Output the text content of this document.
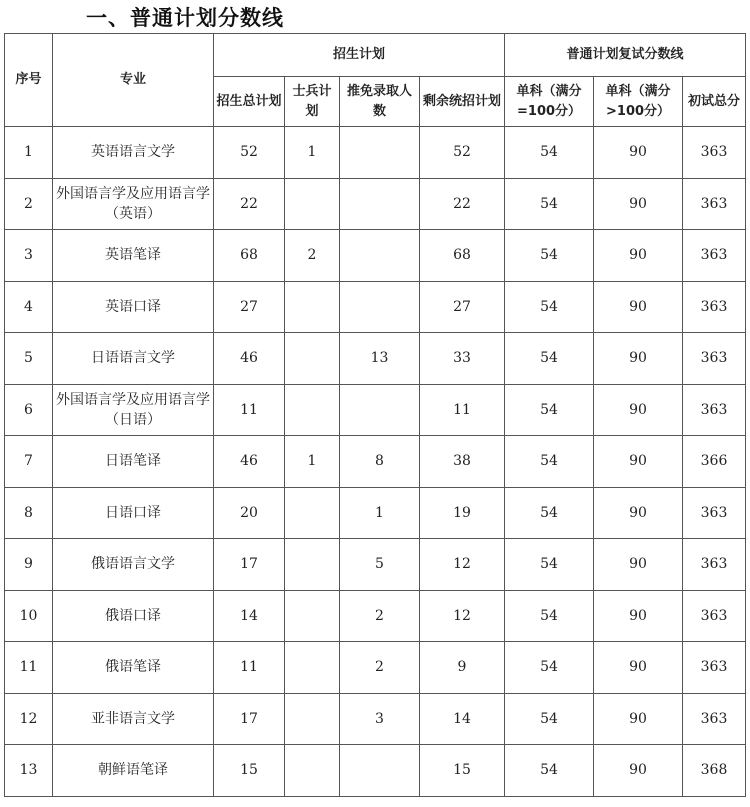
一、普通计划分数线
序号	专业	招生计划				普通计划复试分数线		
		招生总计划	士兵计划	推免录取人数	剩余统招计划	单科（满分=100分）	单科（满分>100分）	初试总分
1	英语语言文学	52	1		52	54	90	363
2	外国语言学及应用语言学（英语）	22			22	54	90	363
3	英语笔译	68	2		68	54	90	363
4	英语口译	27			27	54	90	363
5	日语语言文学	46		13	33	54	90	363
6	外国语言学及应用语言学（日语）	11			11	54	90	363
7	日语笔译	46	1	8	38	54	90	366
8	日语口译	20		1	19	54	90	363
9	俄语语言文学	17		5	12	54	90	363
10	俄语口译	14		2	12	54	90	363
11	俄语笔译	11		2	9	54	90	363
12	亚非语言文学	17		3	14	54	90	363
13	朝鲜语笔译	15			15	54	90	368
